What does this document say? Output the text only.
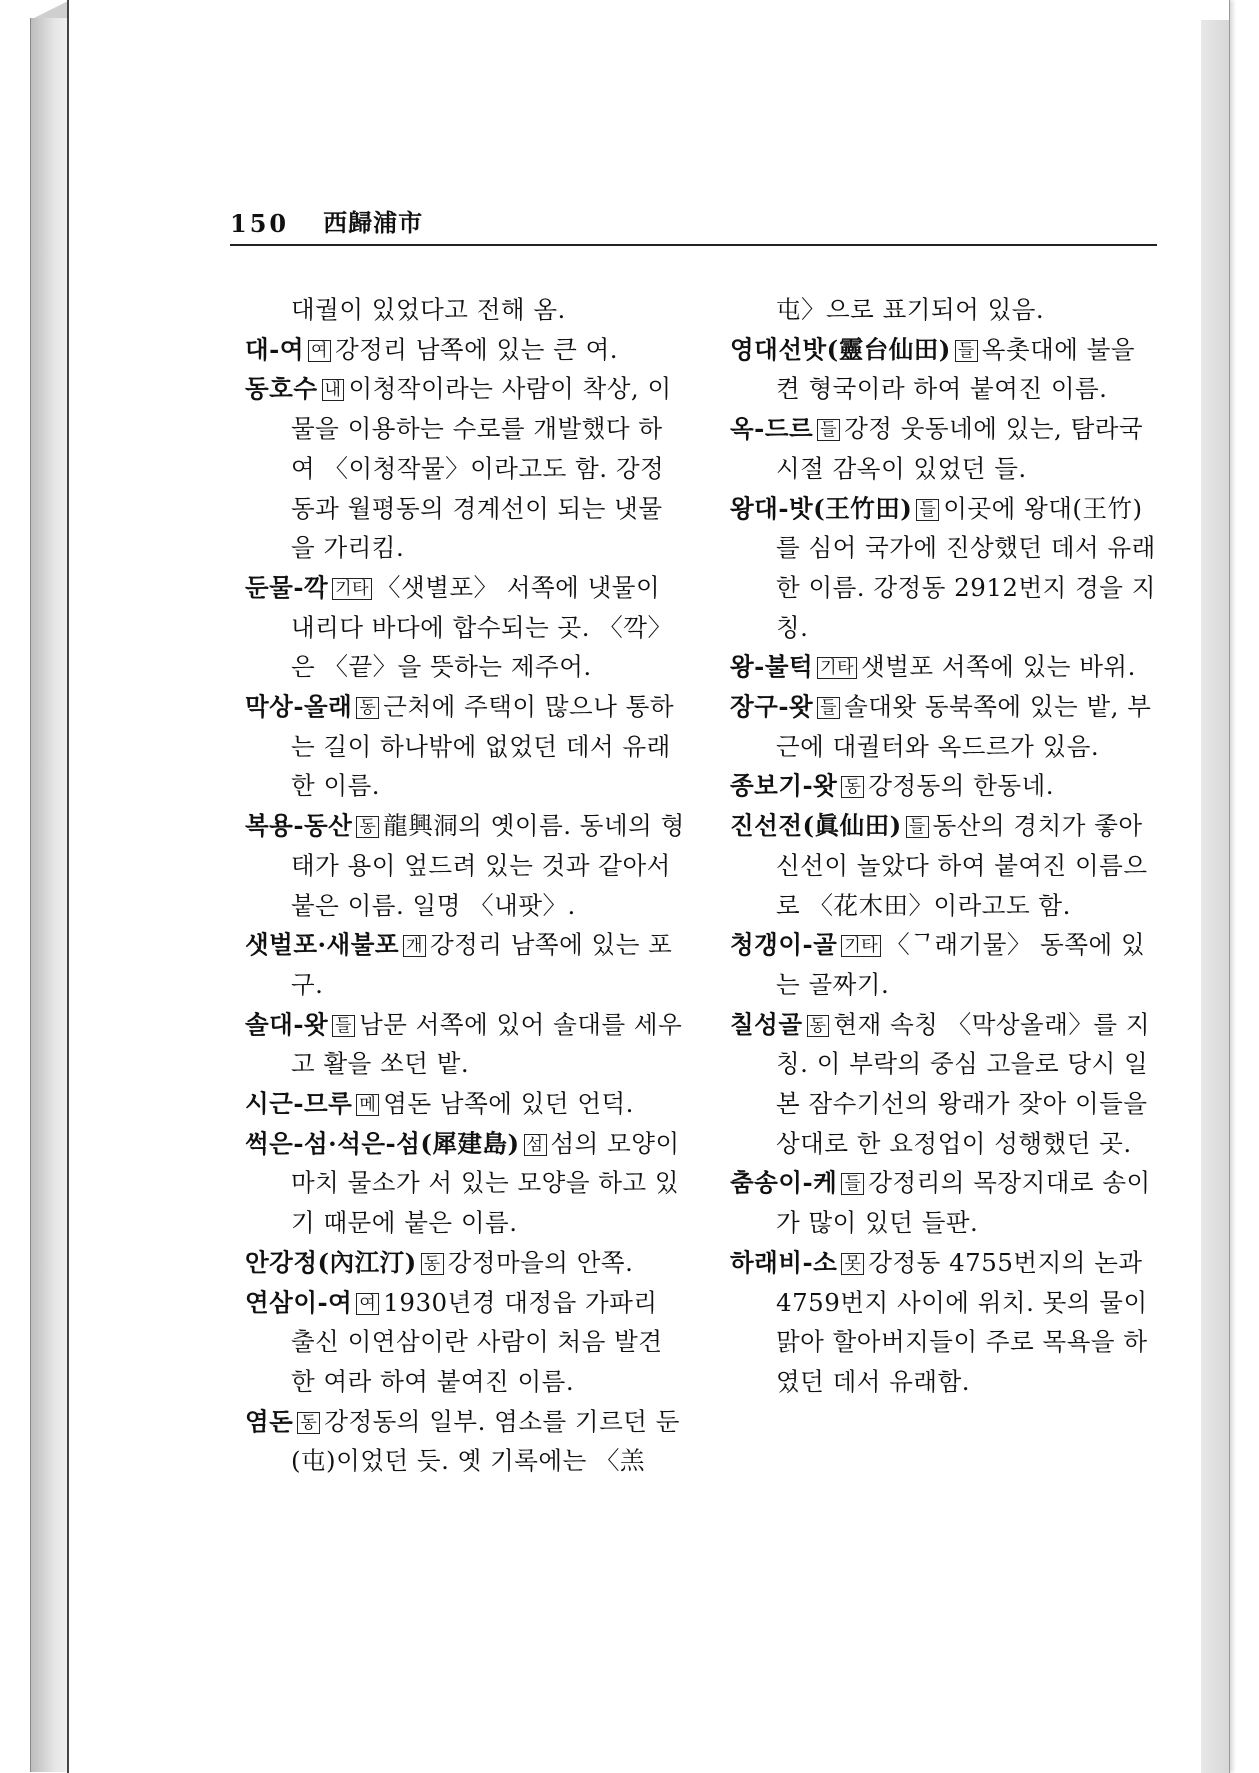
150 西歸浦市

대궐이 있었다고 전해 옴.

대-여 여 강정리 남쪽에 있는 큰 여.

동호수 내 이청작이라는 사람이 착상, 이 물을 이용하는 수로를 개발했다 하여 〈이청작물〉이라고도 함. 강정동과 월평동의 경계선이 되는 냇물을 가리킴.

둔물-깍 기타 〈샛별포〉 서쪽에 냇물이 내리다 바다에 합수되는 곳. 〈깍〉은 〈끝〉을 뜻하는 제주어.

막상-올래 동 근처에 주택이 많으나 통하는 길이 하나밖에 없었던 데서 유래한 이름.

복용-동산 동 龍興洞의 옛이름. 동네의 형태가 용이 엎드려 있는 것과 같아서 붙은 이름. 일명 〈내팟〉.

샛벌포·새불포 개 강정리 남쪽에 있는 포구.

솔대-왓 들 남문 서쪽에 있어 솔대를 세우고 활을 쏘던 밭.

시근-므루 메 염돈 남쪽에 있던 언덕.

썩은-섬·석은-섬(犀建島) 섬 섬의 모양이 마치 물소가 서 있는 모양을 하고 있기 때문에 붙은 이름.

안강정(內江汀) 동 강정마을의 안쪽.

연삼이-여 여 1930년경 대정읍 가파리 출신 이연삼이란 사람이 처음 발견한 여라 하여 붙여진 이름.

염돈 동 강정동의 일부. 염소를 기르던 둔(屯)이었던 듯. 옛 기록에는 〈羔

屯〉으로 표기되어 있음.

영대선밧(靈台仙田) 들 옥촛대에 불을 켠 형국이라 하여 붙여진 이름.

옥-드르 들 강정 웃동네에 있는, 탐라국 시절 감옥이 있었던 들.

왕대-밧(王竹田) 들 이곳에 왕대(王竹)를 심어 국가에 진상했던 데서 유래한 이름. 강정동 2912번지 경을 지칭.

왕-불턱 기타 샛벌포 서쪽에 있는 바위.

장구-왓 들 솔대왓 동북쪽에 있는 밭, 부근에 대궐터와 옥드르가 있음.

종보기-왓 동 강정동의 한동네.

진선전(眞仙田) 들 동산의 경치가 좋아 신선이 놀았다 하여 붙여진 이름으로 〈花木田〉이라고도 함.

청갱이-골 기타 〈ᄀ래기물〉 동쪽에 있는 골짜기.

칠성골 동 현재 속칭 〈막상올래〉를 지칭. 이 부락의 중심 고을로 당시 일본 잠수기선의 왕래가 잦아 이들을 상대로 한 요정업이 성행했던 곳.

춤송이-케 들 강정리의 목장지대로 송이가 많이 있던 들판.

하래비-소 못 강정동 4755번지의 논과 4759번지 사이에 위치. 못의 물이 맑아 할아버지들이 주로 목욕을 하였던 데서 유래함.
